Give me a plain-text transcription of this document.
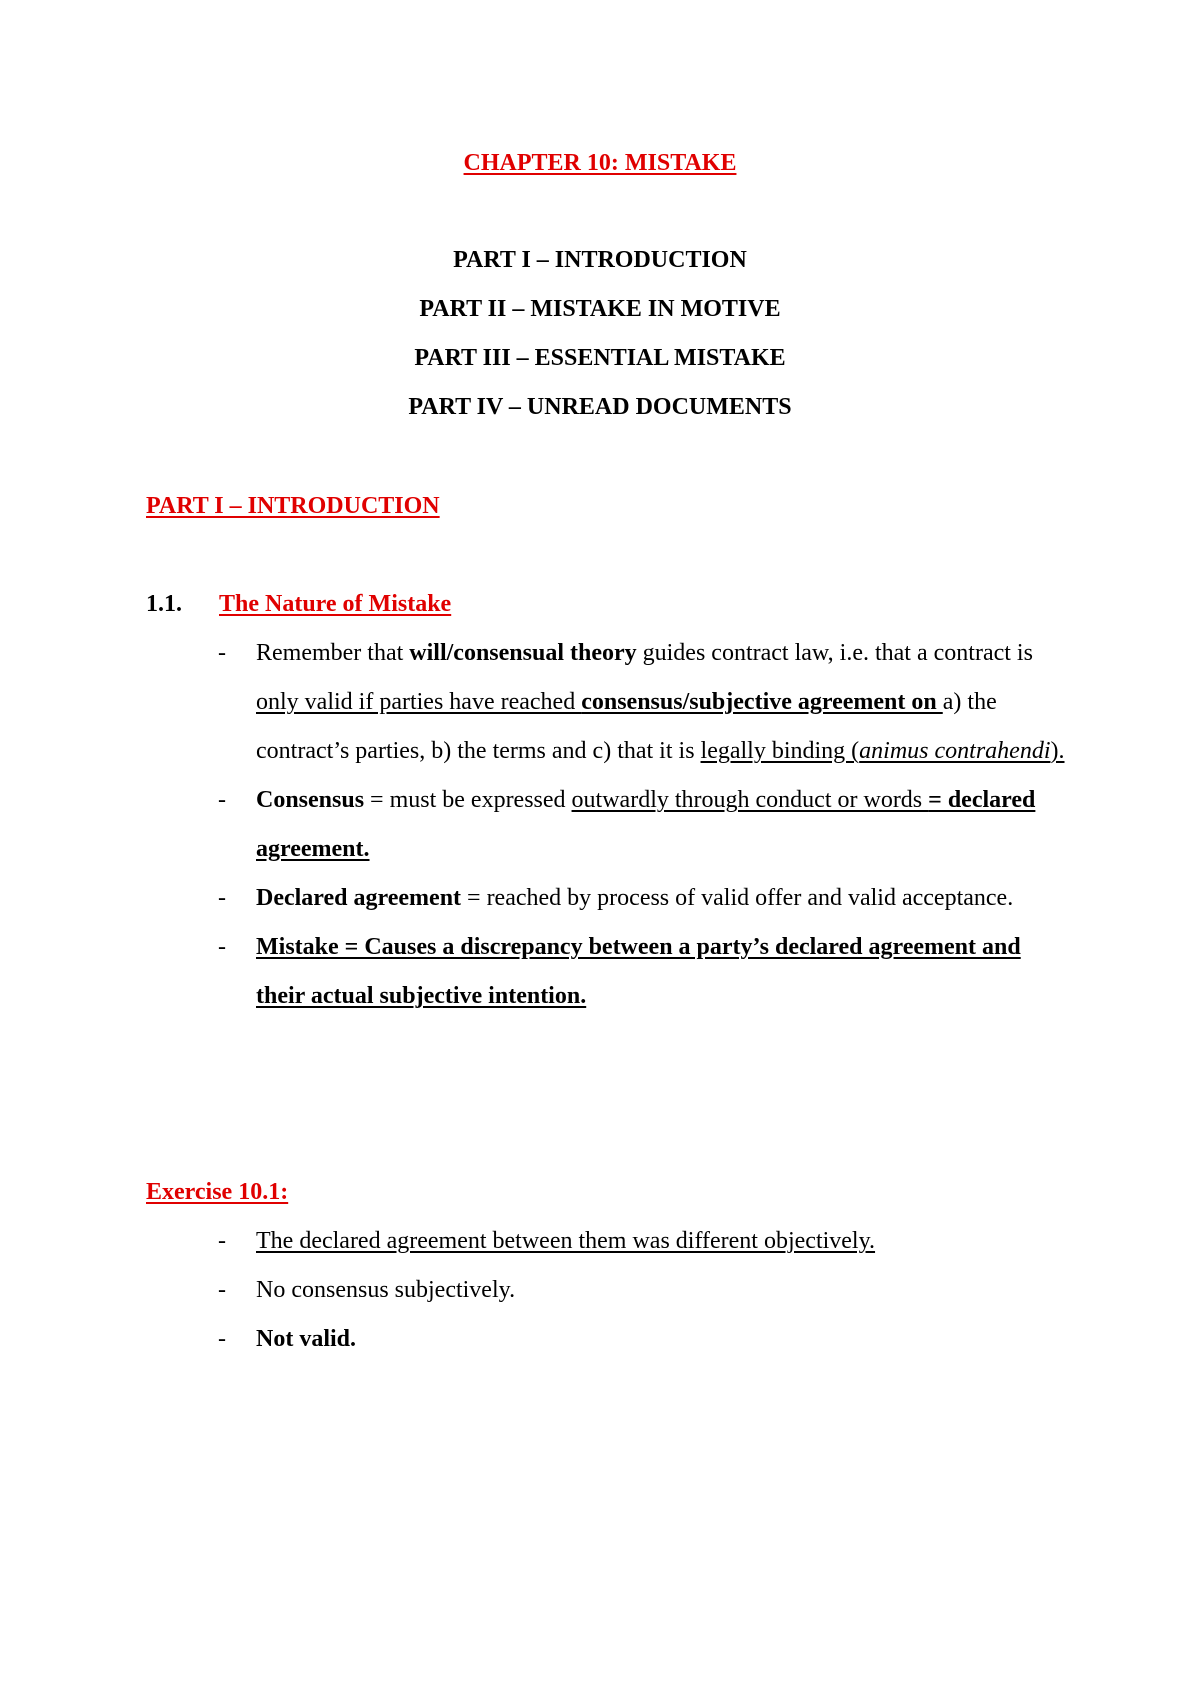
CHAPTER 10: MISTAKE
PART I – INTRODUCTION
PART II – MISTAKE IN MOTIVE
PART III – ESSENTIAL MISTAKE
PART IV – UNREAD DOCUMENTS
PART I – INTRODUCTION
1.1. The Nature of Mistake
- Remember that will/consensual theory guides contract law, i.e. that a contract is only valid if parties have reached consensus/subjective agreement on a) the contract’s parties, b) the terms and c) that it is legally binding (animus contrahendi).
- Consensus = must be expressed outwardly through conduct or words = declared agreement.
- Declared agreement = reached by process of valid offer and valid acceptance.
- Mistake = Causes a discrepancy between a party’s declared agreement and their actual subjective intention.
Exercise 10.1:
- The declared agreement between them was different objectively.
- No consensus subjectively.
- Not valid.
